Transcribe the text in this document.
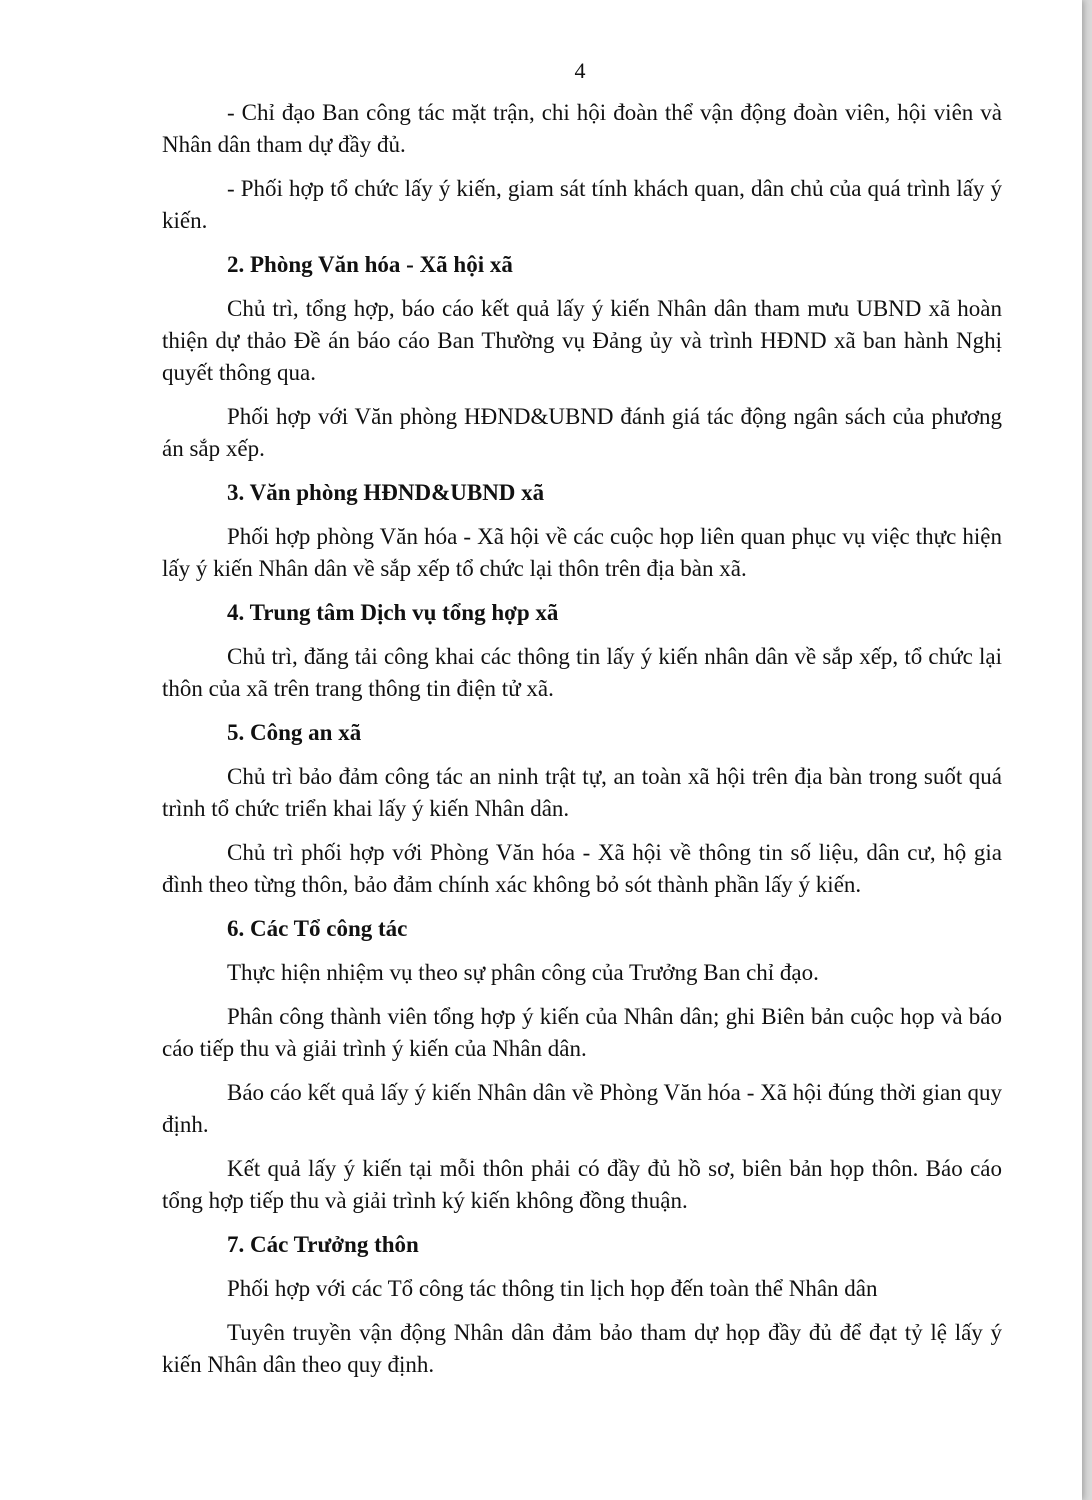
4

- Chỉ đạo Ban công tác mặt trận, chi hội đoàn thể vận động đoàn viên, hội viên và Nhân dân tham dự đầy đủ.

- Phối hợp tổ chức lấy ý kiến, giam sát tính khách quan, dân chủ của quá trình lấy ý kiến.

2. Phòng Văn hóa - Xã hội xã

Chủ trì, tổng hợp, báo cáo kết quả lấy ý kiến Nhân dân tham mưu UBND xã hoàn thiện dự thảo Đề án báo cáo Ban Thường vụ Đảng ủy và trình HĐND xã ban hành Nghị quyết thông qua.

Phối hợp với Văn phòng HĐND&UBND đánh giá tác động ngân sách của phương án sắp xếp.

3. Văn phòng HĐND&UBND xã

Phối hợp phòng Văn hóa - Xã hội về các cuộc họp liên quan phục vụ việc thực hiện lấy ý kiến Nhân dân về sắp xếp tổ chức lại thôn trên địa bàn xã.

4. Trung tâm Dịch vụ tổng hợp xã

Chủ trì, đăng tải công khai các thông tin lấy ý kiến nhân dân về sắp xếp, tổ chức lại thôn của xã trên trang thông tin điện tử xã.

5. Công an xã

Chủ trì bảo đảm công tác an ninh trật tự, an toàn xã hội trên địa bàn trong suốt quá trình tổ chức triển khai lấy ý kiến Nhân dân.

Chủ trì phối hợp với Phòng Văn hóa - Xã hội về thông tin số liệu, dân cư, hộ gia đình theo từng thôn, bảo đảm chính xác không bỏ sót thành phần lấy ý kiến.

6. Các Tổ công tác

Thực hiện nhiệm vụ theo sự phân công của Trưởng Ban chỉ đạo.

Phân công thành viên tổng hợp ý kiến của Nhân dân; ghi Biên bản cuộc họp và báo cáo tiếp thu và giải trình ý kiến của Nhân dân.

Báo cáo kết quả lấy ý kiến Nhân dân về Phòng Văn hóa - Xã hội đúng thời gian quy định.

Kết quả lấy ý kiến tại mỗi thôn phải có đầy đủ hồ sơ, biên bản họp thôn. Báo cáo tổng hợp tiếp thu và giải trình ký kiến không đồng thuận.

7. Các Trưởng thôn

Phối hợp với các Tổ công tác thông tin lịch họp đến toàn thể Nhân dân

Tuyên truyền vận động Nhân dân đảm bảo tham dự họp đầy đủ để đạt tỷ lệ lấy ý kiến Nhân dân theo quy định.
